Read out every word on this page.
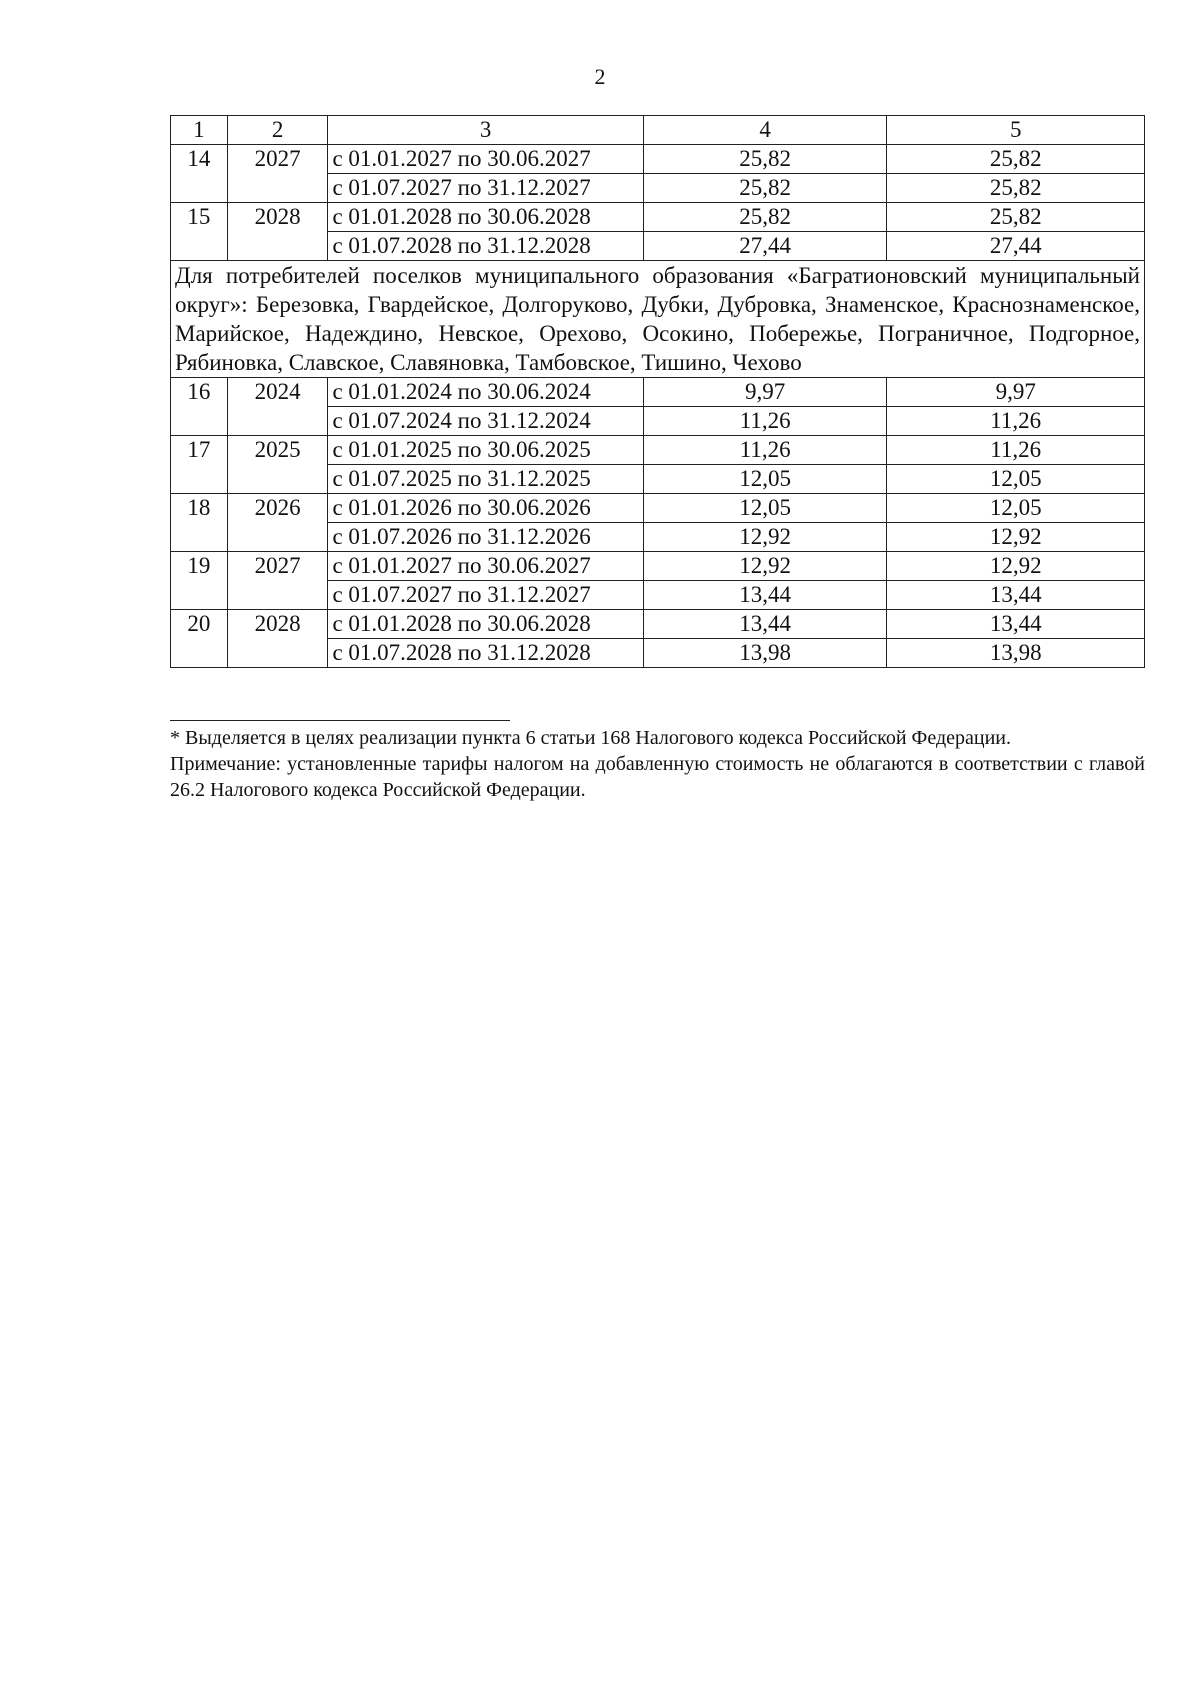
2
1	2	3	4	5
14	2027	с 01.01.2027 по 30.06.2027	25,82	25,82
		с 01.07.2027 по 31.12.2027	25,82	25,82
15	2028	с 01.01.2028 по 30.06.2028	25,82	25,82
		с 01.07.2028 по 31.12.2028	27,44	27,44
Для потребителей поселков муниципального образования «Багратионовский муниципальный округ»: Березовка, Гвардейское, Долгоруково, Дубки, Дубровка, Знаменское, Краснознаменское, Марийское, Надеждино, Невское, Орехово, Осокино, Побережье, Пограничное, Подгорное, Рябиновка, Славское, Славяновка, Тамбовское, Тишино, Чехово				
16	2024	с 01.01.2024 по 30.06.2024	9,97	9,97
		с 01.07.2024 по 31.12.2024	11,26	11,26
17	2025	с 01.01.2025 по 30.06.2025	11,26	11,26
		с 01.07.2025 по 31.12.2025	12,05	12,05
18	2026	с 01.01.2026 по 30.06.2026	12,05	12,05
		с 01.07.2026 по 31.12.2026	12,92	12,92
19	2027	с 01.01.2027 по 30.06.2027	12,92	12,92
		с 01.07.2027 по 31.12.2027	13,44	13,44
20	2028	с 01.01.2028 по 30.06.2028	13,44	13,44
		с 01.07.2028 по 31.12.2028	13,98	13,98
* Выделяется в целях реализации пункта 6 статьи 168 Налогового кодекса Российской Федерации.
Примечание: установленные тарифы налогом на добавленную стоимость не облагаются в соответствии с главой 26.2 Налогового кодекса Российской Федерации.
